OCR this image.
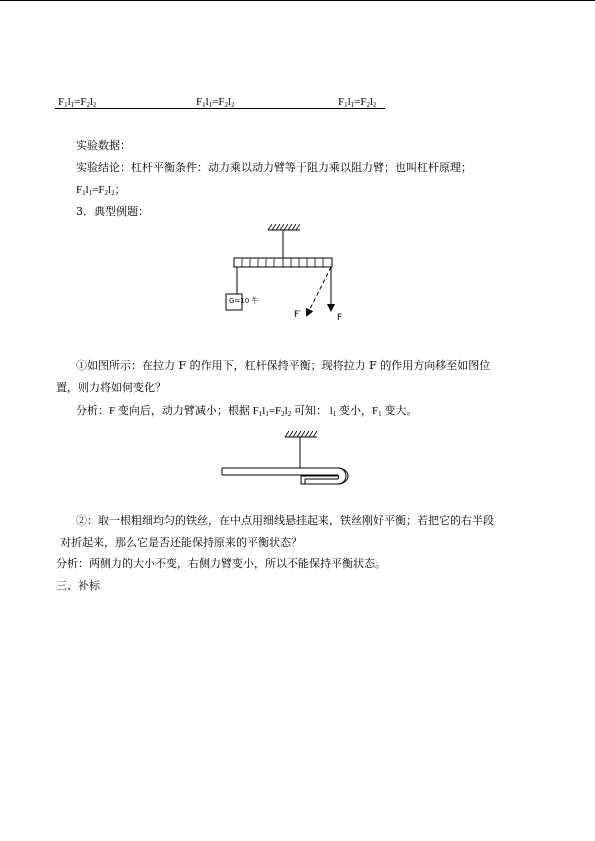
$F_1l_1=F_2l_2$	$F_1l_1=F_2l_2$	$F_1l_1=F_2l_2$
实验数据：
实验结论：杠杆平衡条件：动力乘以动力臂等于阻力乘以阻力臂；也叫杠杆原理；
$F_1l_1=F_2l_2$；
3．典型例题：
G=10 牛
F′	F
①如图所示：在拉力 F 的作用下，杠杆保持平衡；现将拉力 F 的作用方向移至如图位
置，则力将如何变化？
分析：F 变向后，动力臂减小；根据 $F_1l_1=F_2l_2$ 可知： $l_1$ 变小，$F_1$ 变大。
②：取一根粗细均匀的铁丝，在中点用细线悬挂起来，铁丝刚好平衡；若把它的右半段
对折起来，那么它是否还能保持原来的平衡状态？
分析：两侧力的大小不变，右侧力臂变小，所以不能保持平衡状态。
三、补标
